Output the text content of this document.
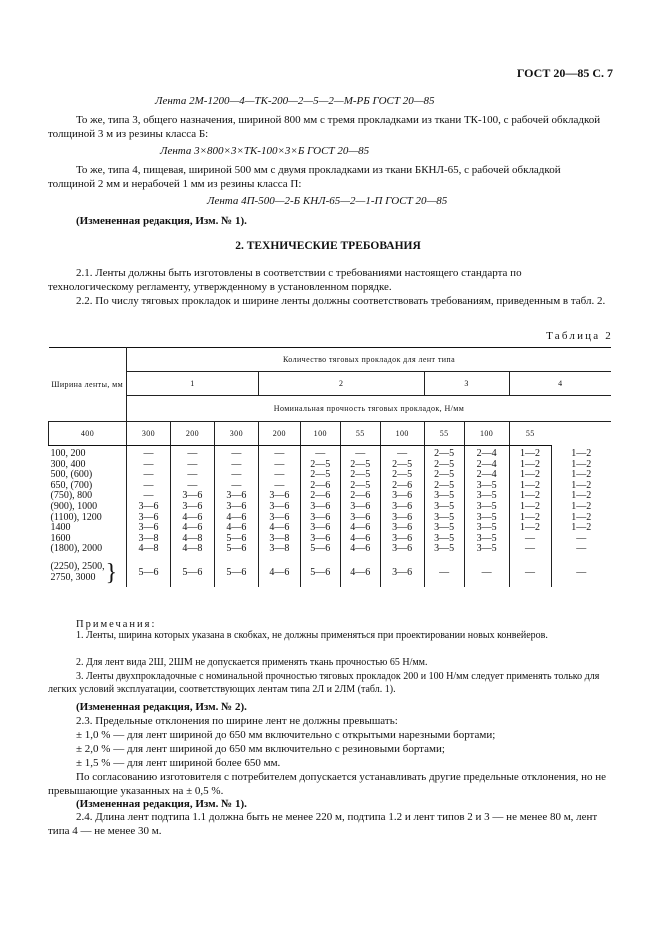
ГОСТ 20—85 С. 7
Лента 2М-1200—4—ТК-200—2—5—2—М-РБ ГОСТ 20—85

То же, типа 3, общего назначения, шириной 800 мм с тремя прокладками из ткани ТК-100, с рабочей обкладкой толщиной 3 м из резины класса Б:

Лента 3×800×3×ТК-100×3×Б ГОСТ 20—85

То же, типа 4, пищевая, шириной 500 мм с двумя прокладками из ткани БКНЛ-65, с рабочей обкладкой толщиной 2 мм и нерабочей 1 мм из резины класса П:

Лента 4П-500—2-Б КНЛ-65—2—1-П ГОСТ 20—85
(Измененная редакция, Изм. № 1).
2. ТЕХНИЧЕСКИЕ ТРЕБОВАНИЯ

2.1. Ленты должны быть изготовлены в соответствии с требованиями настоящего стандарта по технологическому регламенту, утвержденному в установленном порядке.

2.2. По числу тяговых прокладок и ширине ленты должны соответствовать требованиям, приведенным в табл. 2.

Таблица 2
Ширина ленты, мм	Количество тяговых прокладок для лент типа										
	1			2				3		4	
	Номинальная прочность тяговых прокладок, Н/мм										
400	300	200	300	200	100	55	100	55	100	55	
100, 200	—	—	—	—	—	—	—	2—5	2—4	1—2	1—2
300, 400	—	—	—	—	2—5	2—5	2—5	2—5	2—4	1—2	1—2
500, (600)	—	—	—	—	2—5	2—5	2—5	2—5	2—4	1—2	1—2
650, (700)	—	—	—	—	2—6	2—5	2—6	2—5	3—5	1—2	1—2
(750), 800	—	3—6	3—6	3—6	2—6	2—6	3—6	3—5	3—5	1—2	1—2
(900), 1000	3—6	3—6	3—6	3—6	3—6	3—6	3—6	3—5	3—5	1—2	1—2
(1100), 1200	3—6	4—6	4—6	3—6	3—6	3—6	3—6	3—5	3—5	1—2	1—2
1400	3—6	4—6	4—6	4—6	3—6	4—6	3—6	3—5	3—5	1—2	1—2
1600	3—8	4—8	5—6	3—8	3—6	4—6	3—6	3—5	3—5	—	—
(1800), 2000	4—8	4—8	5—6	3—8	5—6	4—6	3—6	3—5	3—5	—	—

(2250), 2500,
2750, 3000 }	5—6	5—6	5—6	4—6	5—6	4—6	3—6	—	—	—	—
Примечания:

1. Ленты, ширина которых указана в скобках, не должны применяться при проектировании новых конвейеров.

2. Для лент вида 2Ш, 2ШМ не допускается применять ткань прочностью 65 Н/мм.

3. Ленты двухпрокладочные с номинальной прочностью тяговых прокладок 200 и 100 Н/мм следует применять только для легких условий эксплуатации, соответствующих лентам типа 2Л и 2ЛМ (табл. 1).

(Измененная редакция, Изм. № 2).

2.3. Предельные отклонения по ширине лент не должны превышать:

± 1,0 % — для лент шириной до 650 мм включительно с открытыми нарезными бортами;

± 2,0 % — для лент шириной до 650 мм включительно с резиновыми бортами;

± 1,5 % — для лент шириной более 650 мм.

По согласованию изготовителя с потребителем допускается устанавливать другие предельные отклонения, но не превышающие указанных на ± 0,5 %.

(Измененная редакция, Изм. № 1).

2.4. Длина лент подтипа 1.1 должна быть не менее 220 м, подтипа 1.2 и лент типов 2 и 3 — не менее 80 м, лент типа 4 — не менее 30 м.
